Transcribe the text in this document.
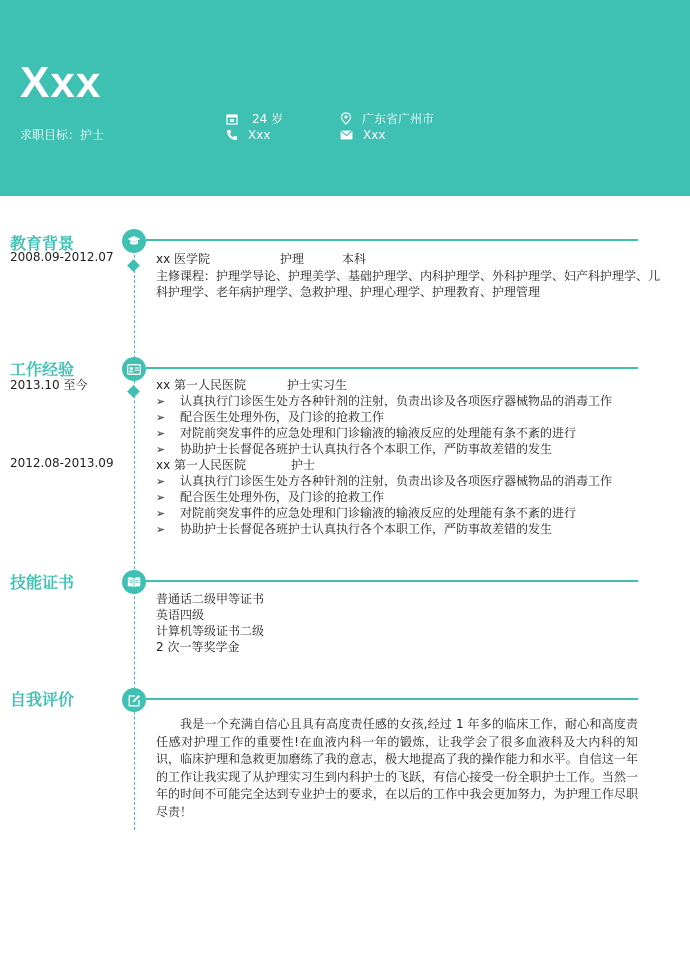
Xxx
求职目标：护士
24 岁	广东省广州市
Xxx	Xxx
教育背景
2008.09-2012.07	xx 医学院	护理	本科
主修课程：护理学导论、护理美学、基础护理学、内科护理学、外科护理学、妇产科护理学、儿
科护理学、老年病护理学、急救护理、护理心理学、护理教育、护理管理
工作经验
2013.10 至今	xx 第一人民医院	护士实习生
➢ 认真执行门诊医生处方各种针剂的注射，负责出诊及各项医疗器械物品的消毒工作
➢ 配合医生处理外伤，及门诊的抢救工作
➢ 对院前突发事件的应急处理和门诊输液的输液反应的处理能有条不紊的进行
➢ 协助护士长督促各班护士认真执行各个本职工作，严防事故差错的发生
2012.08-2013.09	xx 第一人民医院	护士
➢ 认真执行门诊医生处方各种针剂的注射，负责出诊及各项医疗器械物品的消毒工作
➢ 配合医生处理外伤，及门诊的抢救工作
➢ 对院前突发事件的应急处理和门诊输液的输液反应的处理能有条不紊的进行
➢ 协助护士长督促各班护士认真执行各个本职工作，严防事故差错的发生
技能证书
普通话二级甲等证书
英语四级
计算机等级证书二级
2 次一等奖学金
自我评价
我是一个充满自信心且具有高度责任感的女孩,经过 1 年多的临床工作，耐心和高度责任感对护理工作的重要性!在血液内科一年的锻炼，让我学会了很多血液科及大内科的知识，临床护理和急救更加磨练了我的意志，极大地提高了我的操作能力和水平。自信这一年的工作让我实现了从护理实习生到内科护士的飞跃，有信心接受一份全职护士工作。当然一年的时间不可能完全达到专业护士的要求，在以后的工作中我会更加努力，为护理工作尽职尽责！
